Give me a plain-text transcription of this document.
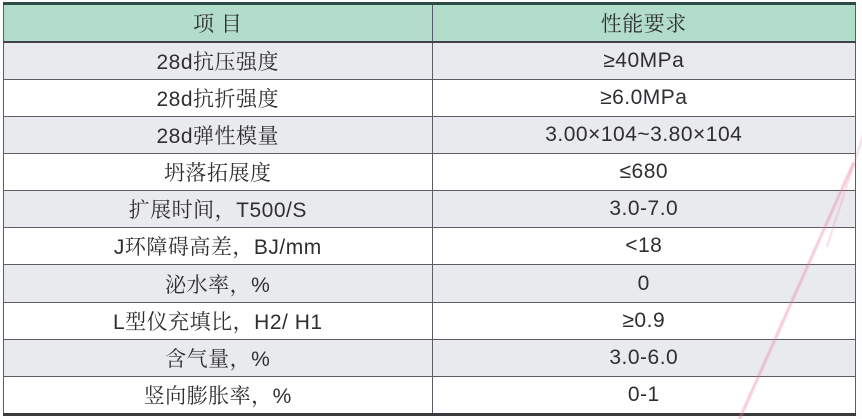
项 目	性能要求
28d抗压强度	≥40MPa
28d抗折强度	≥6.0MPa
28d弹性模量	3.00×104~3.80×104
坍落拓展度	≤680
扩展时间，T500/S	3.0-7.0
J环障碍高差，BJ/mm	<18
泌水率，%	0
L型仪充填比，H2/ H1	≥0.9
含气量，%	3.0-6.0
竖向膨胀率，%	0-1
